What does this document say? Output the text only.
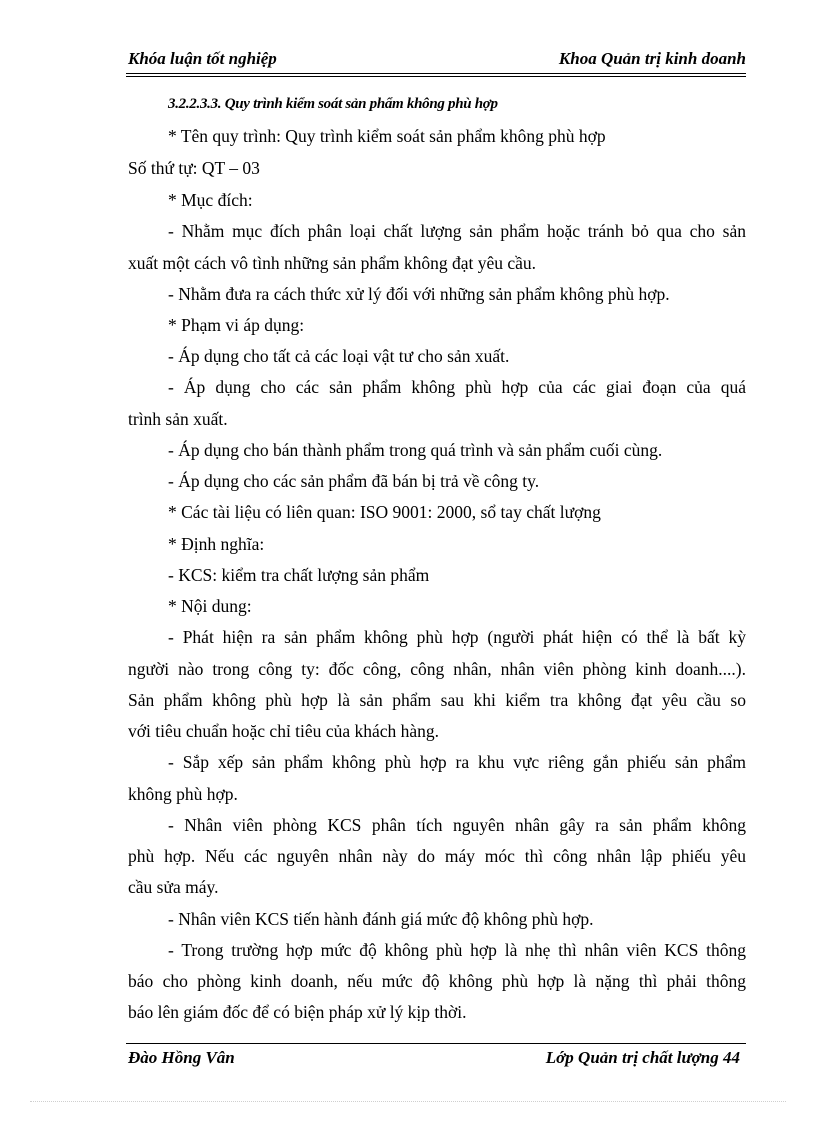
Khóa luận tốt nghiệp	Khoa Quản trị kinh doanh
3.2.2.3.3. Quy trình kiểm soát sản phẩm không phù hợp
* Tên quy trình: Quy trình kiểm soát sản phẩm không phù hợp
Số thứ tự: QT – 03
* Mục đích:
- Nhằm mục đích phân loại chất lượng sản phẩm hoặc tránh bỏ qua cho sản
xuất một cách vô tình những sản phẩm không đạt yêu cầu.
- Nhằm đưa ra cách thức xử lý đối với những sản phẩm không phù hợp.
* Phạm vi áp dụng:
- Áp dụng cho tất cả các loại vật tư cho sản xuất.
- Áp dụng cho các sản phẩm không phù hợp của các giai đoạn của quá
trình sản xuất.
- Áp dụng cho bán thành phẩm trong quá trình và sản phẩm cuối cùng.
- Áp dụng cho các sản phẩm đã bán bị trả về công ty.
* Các tài liệu có liên quan: ISO 9001: 2000, sổ tay chất lượng
* Định nghĩa:
- KCS: kiểm tra chất lượng sản phẩm
* Nội dung:
- Phát hiện ra sản phẩm không phù hợp (người phát hiện có thể là bất kỳ
người nào trong công ty: đốc công, công nhân, nhân viên phòng kinh doanh....).
Sản phẩm không phù hợp là sản phẩm sau khi kiểm tra không đạt yêu cầu so
với tiêu chuẩn hoặc chỉ tiêu của khách hàng.
- Sắp xếp sản phẩm không phù hợp ra khu vực riêng gắn phiếu sản phẩm
không phù hợp.
- Nhân viên phòng KCS phân tích nguyên nhân gây ra sản phẩm không
phù hợp. Nếu các nguyên nhân này do máy móc thì công nhân lập phiếu yêu
cầu sửa máy.
- Nhân viên KCS tiến hành đánh giá mức độ không phù hợp.
- Trong trường hợp mức độ không phù hợp là nhẹ thì nhân viên KCS thông
báo cho phòng kinh doanh, nếu mức độ không phù hợp là nặng thì phải thông
báo lên giám đốc để có biện pháp xử lý kịp thời.
Đào Hồng Vân	Lớp Quản trị chất lượng 44
